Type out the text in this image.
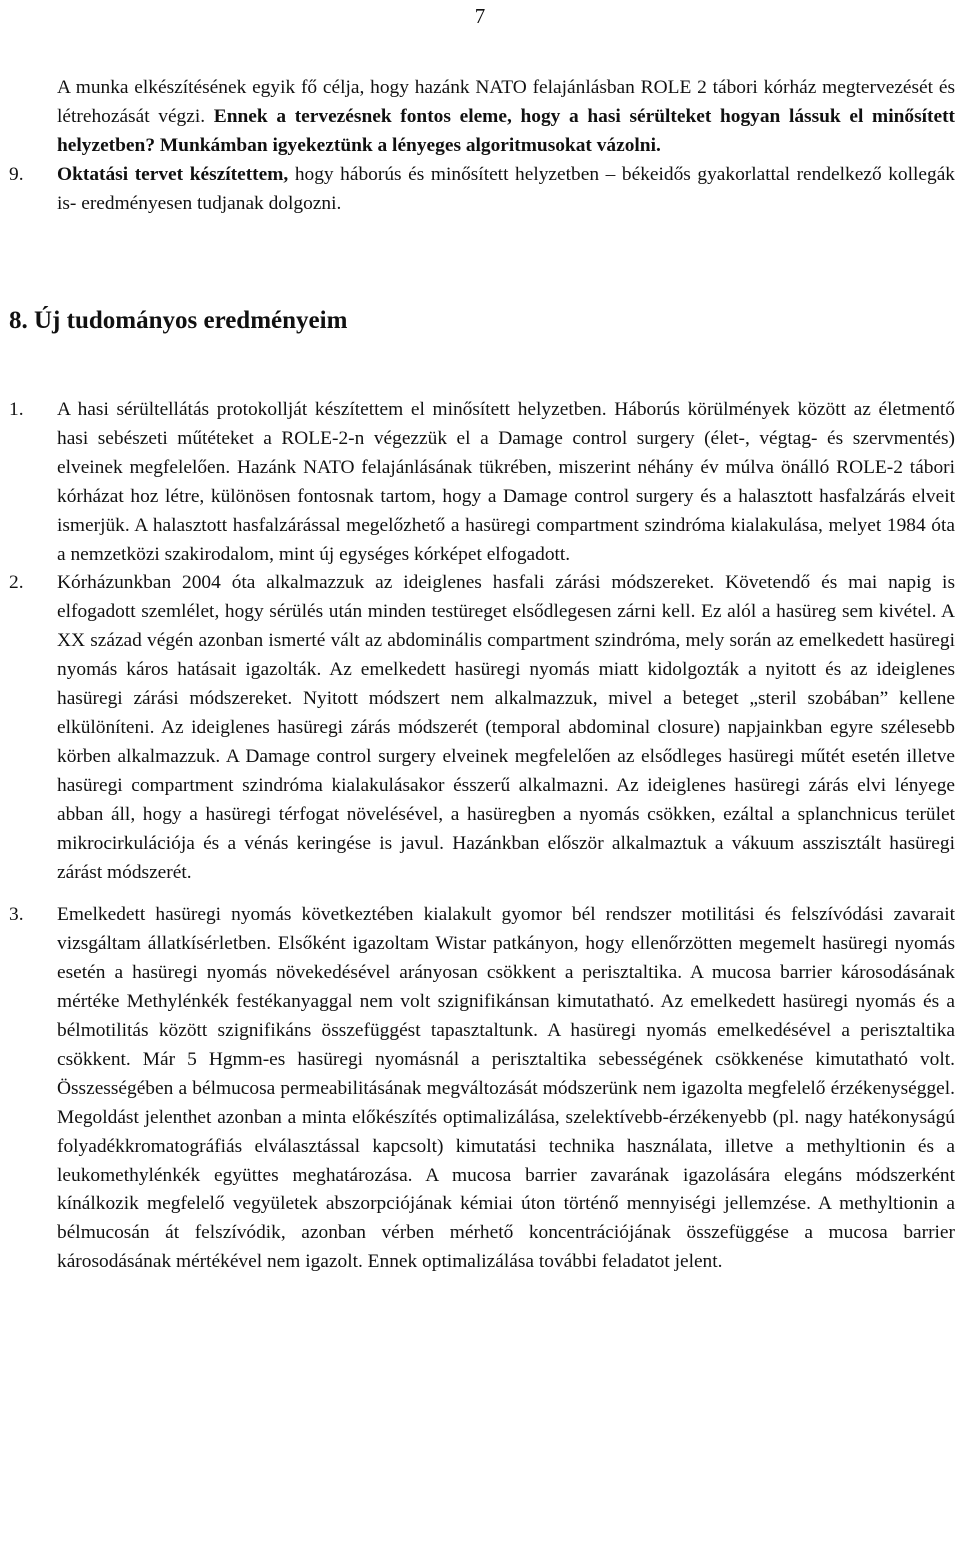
7

A munka elkészítésének egyik fő célja, hogy hazánk NATO felajánlásban ROLE 2 tábori kórház megtervezését és létrehozását végzi. Ennek a tervezésnek fontos eleme, hogy a hasi sérülteket hogyan lássuk el minősített helyzetben? Munkámban igyekeztünk a lényeges algoritmusokat vázolni.

9.	Oktatási tervet készítettem, hogy háborús és minősített helyzetben – békeidős gyakorlattal rendelkező kollegák is- eredményesen tudjanak dolgozni.
8. Új tudományos eredményeim
1.	A hasi sérültellátás protokollját készítettem el minősített helyzetben. Háborús körülmények között az életmentő hasi sebészeti műtéteket a ROLE-2-n végezzük el a Damage control surgery (élet-, végtag- és szervmentés) elveinek megfelelően. Hazánk NATO felajánlásának tükrében, miszerint néhány év múlva önálló ROLE-2 tábori kórházat hoz létre, különösen fontosnak tartom, hogy a Damage control surgery és a halasztott hasfalzárás elveit ismerjük. A halasztott hasfalzárással megelőzhető a hasüregi compartment szindróma kialakulása, melyet 1984 óta a nemzetközi szakirodalom, mint új egységes kórképet elfogadott.
2.	Kórházunkban 2004 óta alkalmazzuk az ideiglenes hasfali zárási módszereket. Követendő és mai napig is elfogadott szemlélet, hogy sérülés után minden testüreget elsődlegesen zárni kell. Ez alól a hasüreg sem kivétel. A XX század végén azonban ismerté vált az abdominális compartment szindróma, mely során az emelkedett hasüregi nyomás káros hatásait igazolták. Az emelkedett hasüregi nyomás miatt kidolgozták a nyitott és az ideiglenes hasüregi zárási módszereket. Nyitott módszert nem alkalmazzuk, mivel a beteget „steril szobában” kellene elkülöníteni. Az ideiglenes hasüregi zárás módszerét (temporal abdominal closure) napjainkban egyre szélesebb körben alkalmazzuk. A Damage control surgery elveinek megfelelően az elsődleges hasüregi műtét esetén illetve hasüregi compartment szindróma kialakulásakor ésszerű alkalmazni. Az ideiglenes hasüregi zárás elvi lényege abban áll, hogy a hasüregi térfogat növelésével, a hasüregben a nyomás csökken, ezáltal a splanchnicus terület mikrocirkulációja és a vénás keringése is javul. Hazánkban először alkalmaztuk a vákuum asszisztált hasüregi zárást módszerét.
3.	Emelkedett hasüregi nyomás következtében kialakult gyomor bél rendszer motilitási és felszívódási zavarait vizsgáltam állatkísérletben. Elsőként igazoltam Wistar patkányon, hogy ellenőrzötten megemelt hasüregi nyomás esetén a hasüregi nyomás növekedésével arányosan csökkent a perisztaltika. A mucosa barrier károsodásának mértéke Methylénkék festékanyaggal nem volt szignifikánsan kimutatható. Az emelkedett hasüregi nyomás és a bélmotilitás között szignifikáns összefüggést tapasztaltunk. A hasüregi nyomás emelkedésével a perisztaltika csökkent. Már 5 Hgmm-es hasüregi nyomásnál a perisztaltika sebességének csökkenése kimutatható volt. Összességében a bélmucosa permeabilitásának megváltozását módszerünk nem igazolta megfelelő érzékenységgel. Megoldást jelenthet azonban a minta előkészítés optimalizálása, szelektívebb-érzékenyebb (pl. nagy hatékonyságú folyadékkromatográfiás elválasztással kapcsolt) kimutatási technika használata, illetve a methyltionin és a leukomethylénkék együttes meghatározása. A mucosa barrier zavarának igazolására elegáns módszerként kínálkozik megfelelő vegyületek abszorpciójának kémiai úton történő mennyiségi jellemzése. A methyltionin a bélmucosán át felszívódik, azonban vérben mérhető koncentrációjának összefüggése a mucosa barrier károsodásának mértékével nem igazolt. Ennek optimalizálása további feladatot jelent.
